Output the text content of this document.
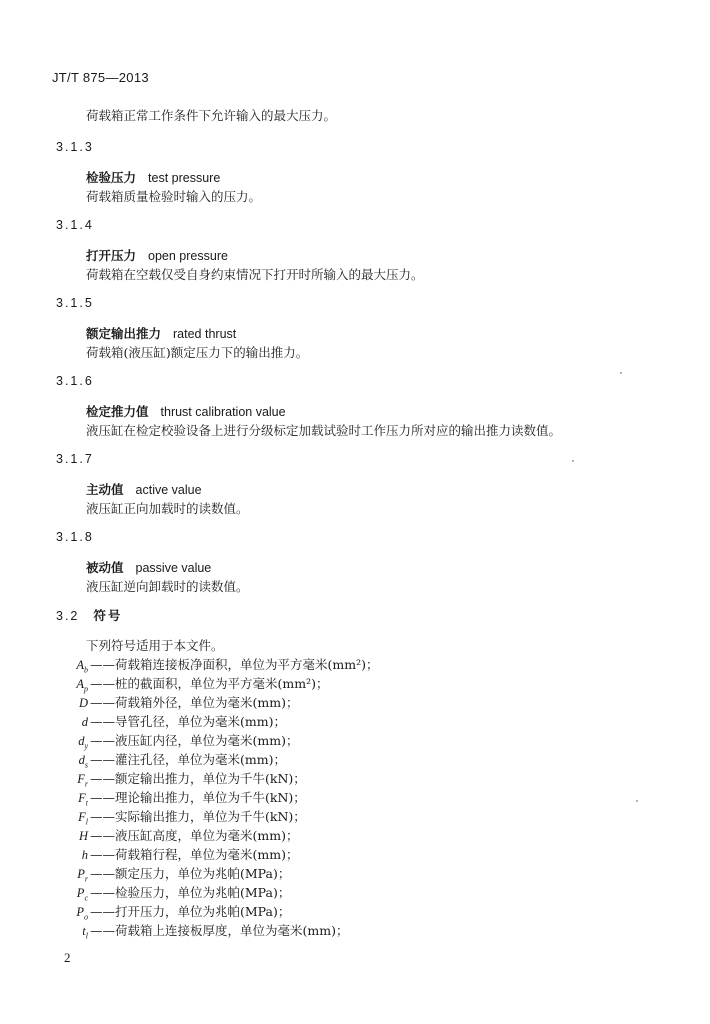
JT/T 875—2013
荷载箱正常工作条件下允许输入的最大压力。
3.1.3
检验压力 test pressure
荷载箱质量检验时输入的压力。
3.1.4
打开压力 open pressure
荷载箱在空载仅受自身约束情况下打开时所输入的最大压力。
3.1.5
额定输出推力 rated thrust
荷载箱(液压缸)额定压力下的输出推力。
3.1.6
检定推力值 thrust calibration value
液压缸在检定校验设备上进行分级标定加载试验时工作压力所对应的输出推力读数值。
3.1.7
主动值 active value
液压缸正向加载时的读数值。
3.1.8
被动值 passive value
液压缸逆向卸载时的读数值。
3.2 符号
下列符号适用于本文件。
$A_b$ ——荷载箱连接板净面积，单位为平方毫米(mm²)；
$A_p$ ——桩的截面积，单位为平方毫米(mm²)；
D ——荷载箱外径，单位为毫米(mm)；
d ——导管孔径，单位为毫米(mm)；
$d_y$ ——液压缸内径，单位为毫米(mm)；
$d_s$ ——灌注孔径，单位为毫米(mm)；
$F_r$ ——额定输出推力，单位为千牛(kN)；
$F_t$ ——理论输出推力，单位为千牛(kN)；
$F_l$ ——实际输出推力，单位为千牛(kN)；
H ——液压缸高度，单位为毫米(mm)；
h ——荷载箱行程，单位为毫米(mm)；
$P_r$ ——额定压力，单位为兆帕(MPa)；
$P_c$ ——检验压力，单位为兆帕(MPa)；
$P_o$ ——打开压力，单位为兆帕(MPa)；
$t_l$ ——荷载箱上连接板厚度，单位为毫米(mm)；
2
